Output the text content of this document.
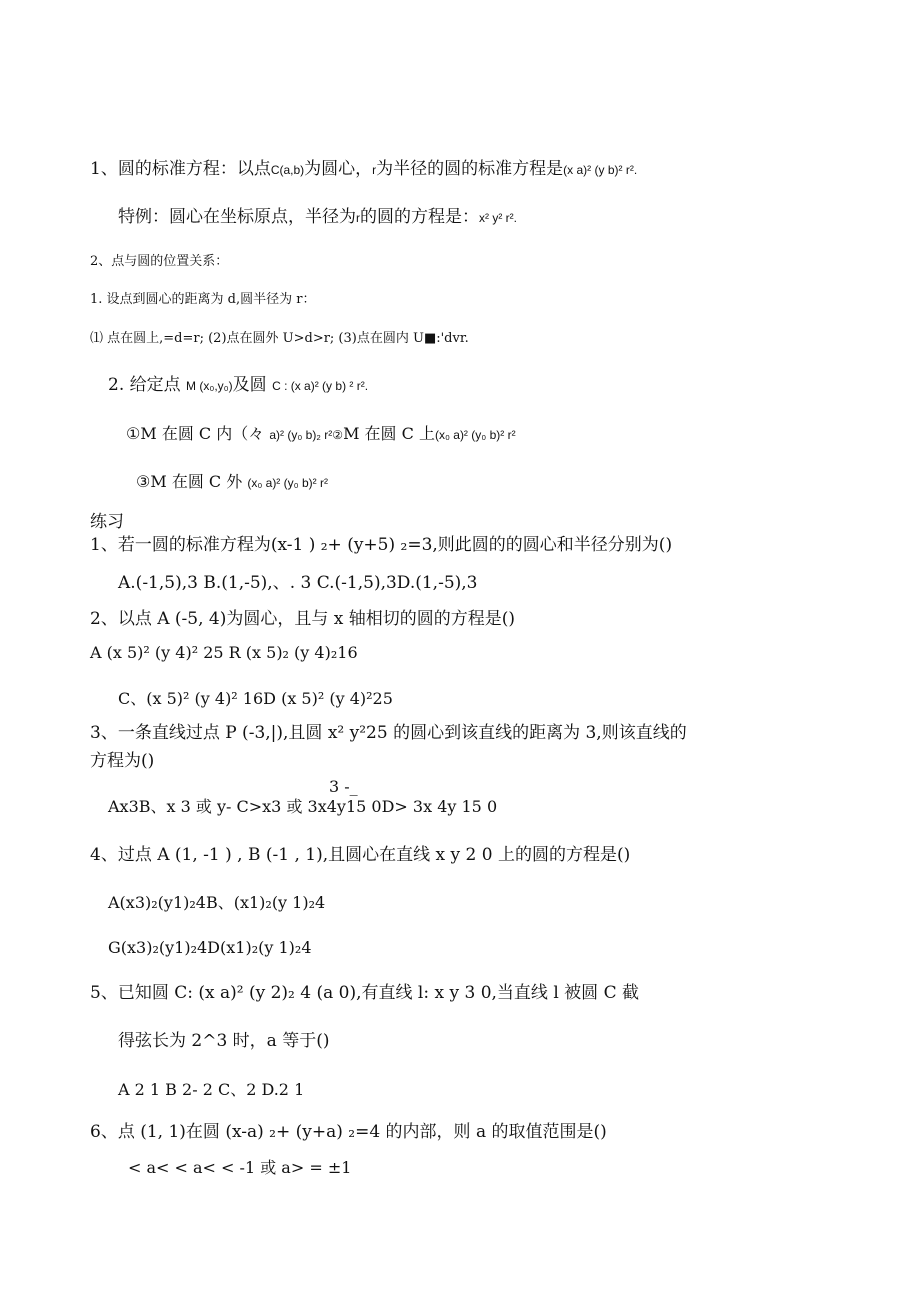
1、圆的标准方程：以点C(a,b)为圆心，r为半径的圆的标准方程是(x a)² (y b)² r².
特例：圆心在坐标原点，半径为r的圆的方程是：x² y² r².
2、点与圆的位置关系：
1. 设点到圆心的距离为 d,圆半径为 r：
⑴ 点在圆上,=d=r; (2)点在圆外 U>d>r; (3)点在圆内 U■:'dvr.
2. 给定点 M (x₀,y₀)及圆 C : (x a)² (y b) ² r².
①M 在圆 C 内（々 a)² (y₀ b)₂ r²②M 在圆 C 上(x₀ a)² (y₀ b)² r²
③M 在圆 C 外 (x₀ a)² (y₀ b)² r²
练习
1、若一圆的标准方程为(x-1 ) ₂+ (y+5) ₂=3,则此圆的的圆心和半径分别为()
A.(-1,5),3 B.(1,-5),、. 3 C.(-1,5),3D.(1,-5),3
2、以点 A (-5, 4)为圆心，且与 x 轴相切的圆的方程是()
A (x 5)² (y 4)² 25 R (x 5)₂ (y 4)₂16
C、(x 5)² (y 4)² 16D (x 5)² (y 4)²25
3、一条直线过点 P (-3,|),且圆 x² y²25 的圆心到该直线的距离为 3,则该直线的
方程为()
3 -_
Ax3B、x 3 或 y- C>x3 或 3x4y15 0D> 3x 4y 15 0
4、过点 A (1, -1 ) , B (-1 , 1),且圆心在直线 x y 2 0 上的圆的方程是()
A(x3)₂(y1)₂4B、(x1)₂(y 1)₂4
G(x3)₂(y1)₂4D(x1)₂(y 1)₂4
5、已知圆 C: (x a)² (y 2)₂ 4 (a 0),有直线 l: x y 3 0,当直线 l 被圆 C 截
得弦长为 2^3 时，a 等于()
A 2 1 B 2- 2 C、2 D.2 1
6、点 (1, 1)在圆 (x-a) ₂+ (y+a) ₂=4 的内部，则 a 的取值范围是()
< a< < a< < -1 或 a> = ±1
